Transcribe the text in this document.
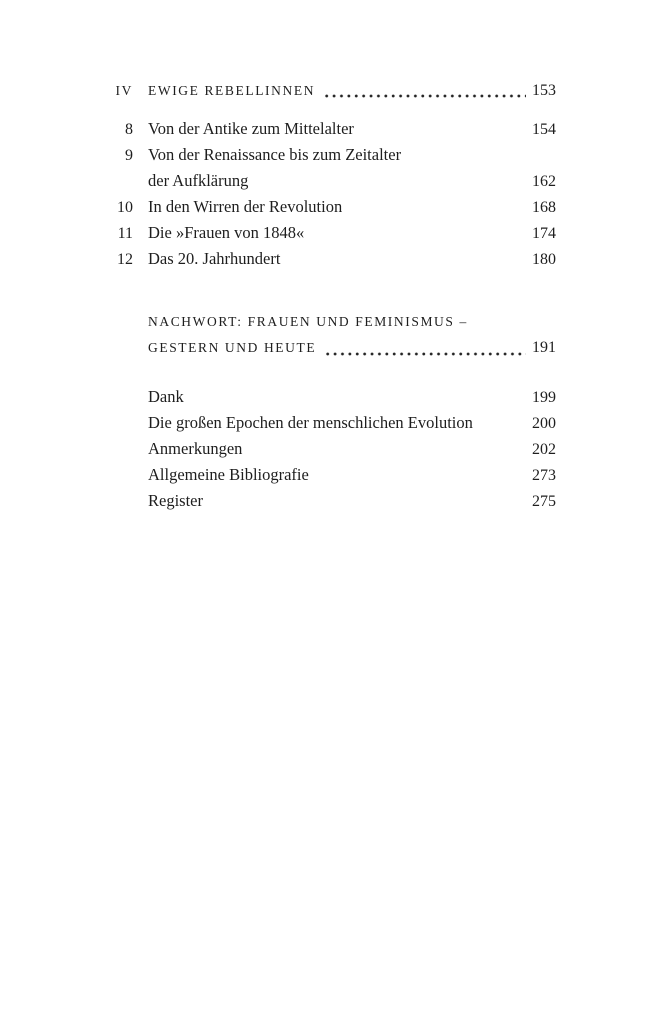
IV EWIGE REBELLINNEN	153
8 Von der Antike zum Mittelalter	154
9 Von der Renaissance bis zum Zeitalter
der Aufklärung	162
10 In den Wirren der Revolution	168
11 Die »Frauen von 1848«	174
12 Das 20. Jahrhundert	180
NACHWORT: FRAUEN UND FEMINISMUS –
GESTERN UND HEUTE	191
Dank	199
Die großen Epochen der menschlichen Evolution	200
Anmerkungen	202
Allgemeine Bibliografie	273
Register	275
